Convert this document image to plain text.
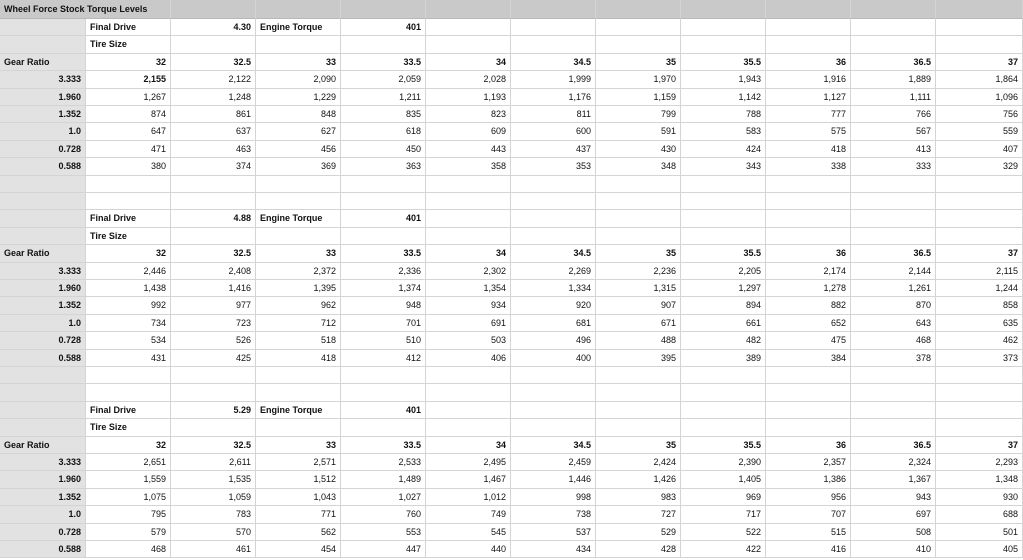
Wheel Force Stock Torque Levels
Final Drive	4.30	Engine Torque	401
Tire Size
Gear Ratio	32	32.5	33	33.5	34	34.5	35	35.5	36	36.5	37
3.333	2,155	2,122	2,090	2,059	2,028	1,999	1,970	1,943	1,916	1,889	1,864
1.960	1,267	1,248	1,229	1,211	1,193	1,176	1,159	1,142	1,127	1,111	1,096
1.352	874	861	848	835	823	811	799	788	777	766	756
1.0	647	637	627	618	609	600	591	583	575	567	559
0.728	471	463	456	450	443	437	430	424	418	413	407
0.588	380	374	369	363	358	353	348	343	338	333	329
Final Drive	4.88	Engine Torque	401
Tire Size
Gear Ratio	32	32.5	33	33.5	34	34.5	35	35.5	36	36.5	37
3.333	2,446	2,408	2,372	2,336	2,302	2,269	2,236	2,205	2,174	2,144	2,115
1.960	1,438	1,416	1,395	1,374	1,354	1,334	1,315	1,297	1,278	1,261	1,244
1.352	992	977	962	948	934	920	907	894	882	870	858
1.0	734	723	712	701	691	681	671	661	652	643	635
0.728	534	526	518	510	503	496	488	482	475	468	462
0.588	431	425	418	412	406	400	395	389	384	378	373
Final Drive	5.29	Engine Torque	401
Tire Size
Gear Ratio	32	32.5	33	33.5	34	34.5	35	35.5	36	36.5	37
3.333	2,651	2,611	2,571	2,533	2,495	2,459	2,424	2,390	2,357	2,324	2,293
1.960	1,559	1,535	1,512	1,489	1,467	1,446	1,426	1,405	1,386	1,367	1,348
1.352	1,075	1,059	1,043	1,027	1,012	998	983	969	956	943	930
1.0	795	783	771	760	749	738	727	717	707	697	688
0.728	579	570	562	553	545	537	529	522	515	508	501
0.588	468	461	454	447	440	434	428	422	416	410	405
